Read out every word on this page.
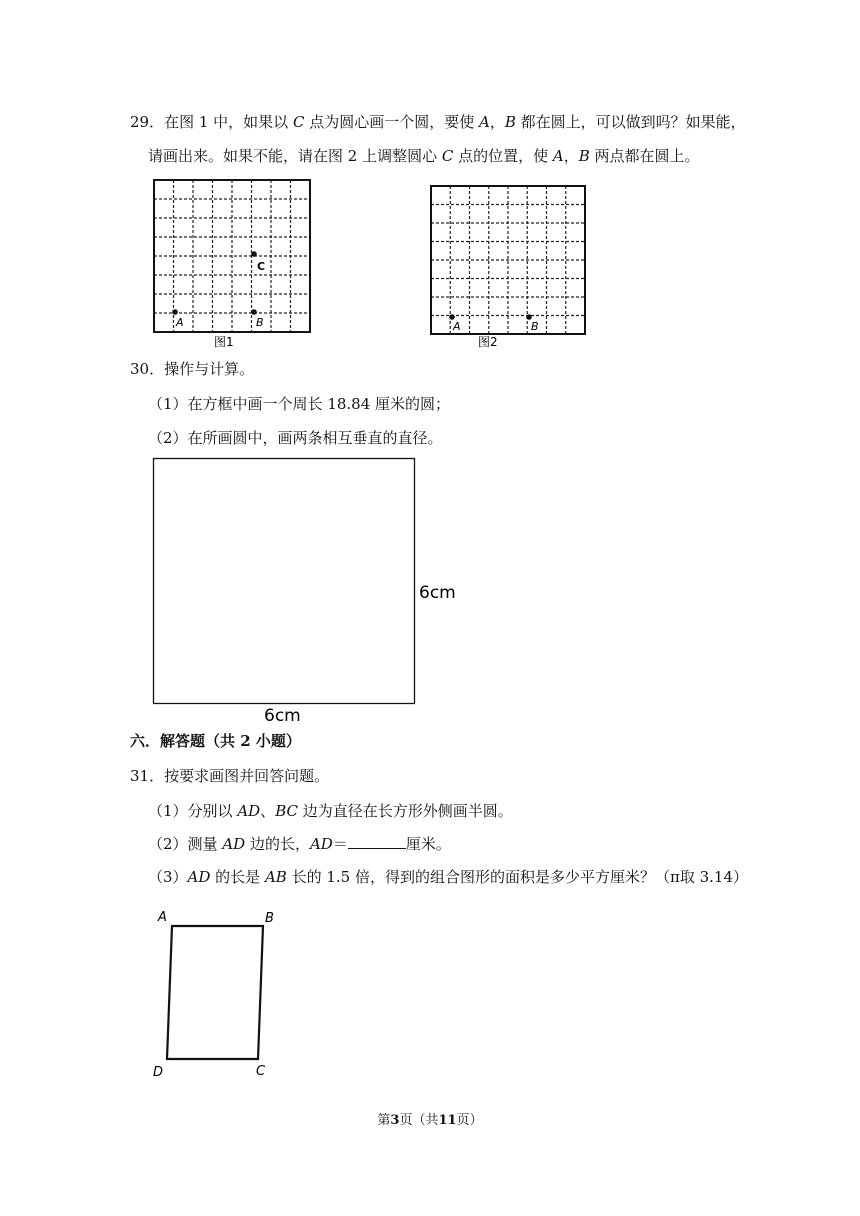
29．在图 1 中，如果以 C 点为圆心画一个圆，要使 A，B 都在圆上，可以做到吗？如果能，
请画出来。如果不能，请在图 2 上调整圆心 C 点的位置，使 A，B 两点都在圆上。
C
A	B
图1
A	B
图2
30．操作与计算。
（1）在方框中画一个周长 18.84 厘米的圆；
（2）在所画圆中，画两条相互垂直的直径。
6cm
6cm
六．解答题（共 2 小题）
31．按要求画图并回答问题。
（1）分别以 AD、BC 边为直径在长方形外侧画半圆。
（2）测量 AD 边的长，AD＝	厘米。
（3）AD 的长是 AB 长的 1.5 倍，得到的组合图形的面积是多少平方厘米？（π取 3.14）
A	B
C
D
第3页（共11页）
